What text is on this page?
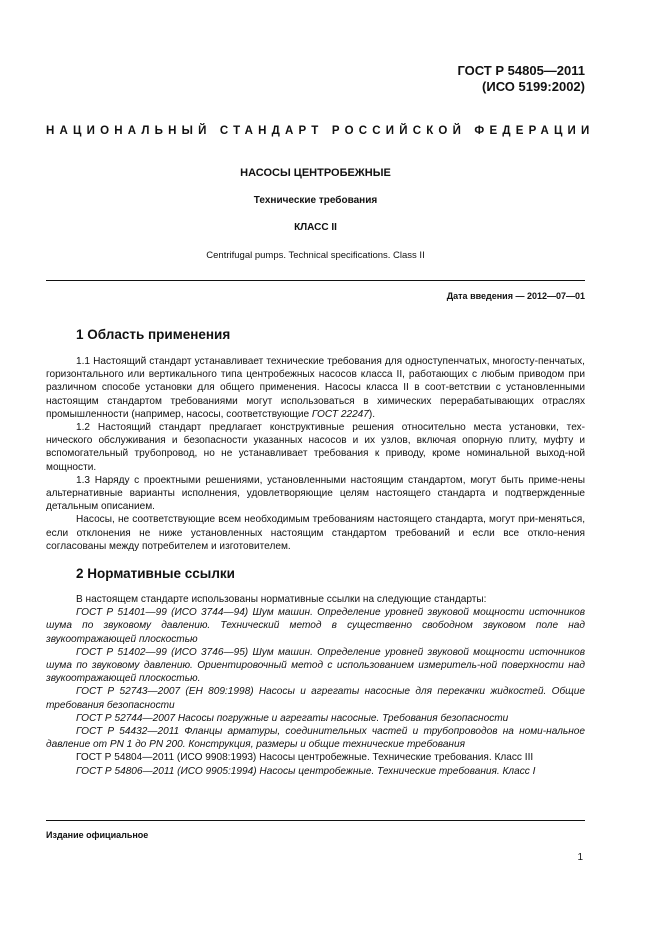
ГОСТ Р 54805—2011
(ИСО 5199:2002)
НАЦИОНАЛЬНЫЙ СТАНДАРТ РОССИЙСКОЙ ФЕДЕРАЦИИ
НАСОСЫ ЦЕНТРОБЕЖНЫЕ
Технические требования
КЛАСС II
Centrifugal pumps. Technical specifications. Class II
Дата введения — 2012—07—01
1 Область применения

1.1 Настоящий стандарт устанавливает технические требования для одноступенчатых, многосту-пенчатых, горизонтального или вертикального типа центробежных насосов класса II, работающих с любым приводом при различном способе установки для общего применения. Насосы класса II в соот-ветствии с установленными настоящим стандартом требованиями могут использоваться в химических перерабатывающих отраслях промышленности (например, насосы, соответствующие ГОСТ 22247).

1.2 Настоящий стандарт предлагает конструктивные решения относительно места установки, тех-нического обслуживания и безопасности указанных насосов и их узлов, включая опорную плиту, муфту и вспомогательный трубопровод, но не устанавливает требования к приводу, кроме номинальной выход-ной мощности.

1.3 Наряду с проектными решениями, установленными настоящим стандартом, могут быть приме-нены альтернативные варианты исполнения, удовлетворяющие целям настоящего стандарта и подтвержденные детальным описанием.

Насосы, не соответствующие всем необходимым требованиям настоящего стандарта, могут при-меняться, если отклонения не ниже установленных настоящим стандартом требований и если все откло-нения согласованы между потребителем и изготовителем.

2 Нормативные ссылки

В настоящем стандарте использованы нормативные ссылки на следующие стандарты:

ГОСТ Р 51401—99 (ИСО 3744—94) Шум машин. Определение уровней звуковой мощности источников шума по звуковому давлению. Технический метод в существенно свободном звуковом поле над звукоотражающей плоскостью

ГОСТ Р 51402—99 (ИСО 3746—95) Шум машин. Определение уровней звуковой мощности источников шума по звуковому давлению. Ориентировочный метод с использованием измеритель-ной поверхности над звукоотражающей плоскостью.

ГОСТ Р 52743—2007 (ЕН 809:1998) Насосы и агрегаты насосные для перекачки жидкостей. Общие требования безопасности

ГОСТ Р 52744—2007 Насосы погружные и агрегаты насосные. Требования безопасности

ГОСТ Р 54432—2011 Фланцы арматуры, соединительных частей и трубопроводов на номи-нальное давление от PN 1 до PN 200. Конструкция, размеры и общие технические требования

ГОСТ Р 54804—2011 (ИСО 9908:1993) Насосы центробежные. Технические требования. Класс III

ГОСТ Р 54806—2011 (ИСО 9905:1994) Насосы центробежные. Технические требования. Класс I

Издание официальное
1
